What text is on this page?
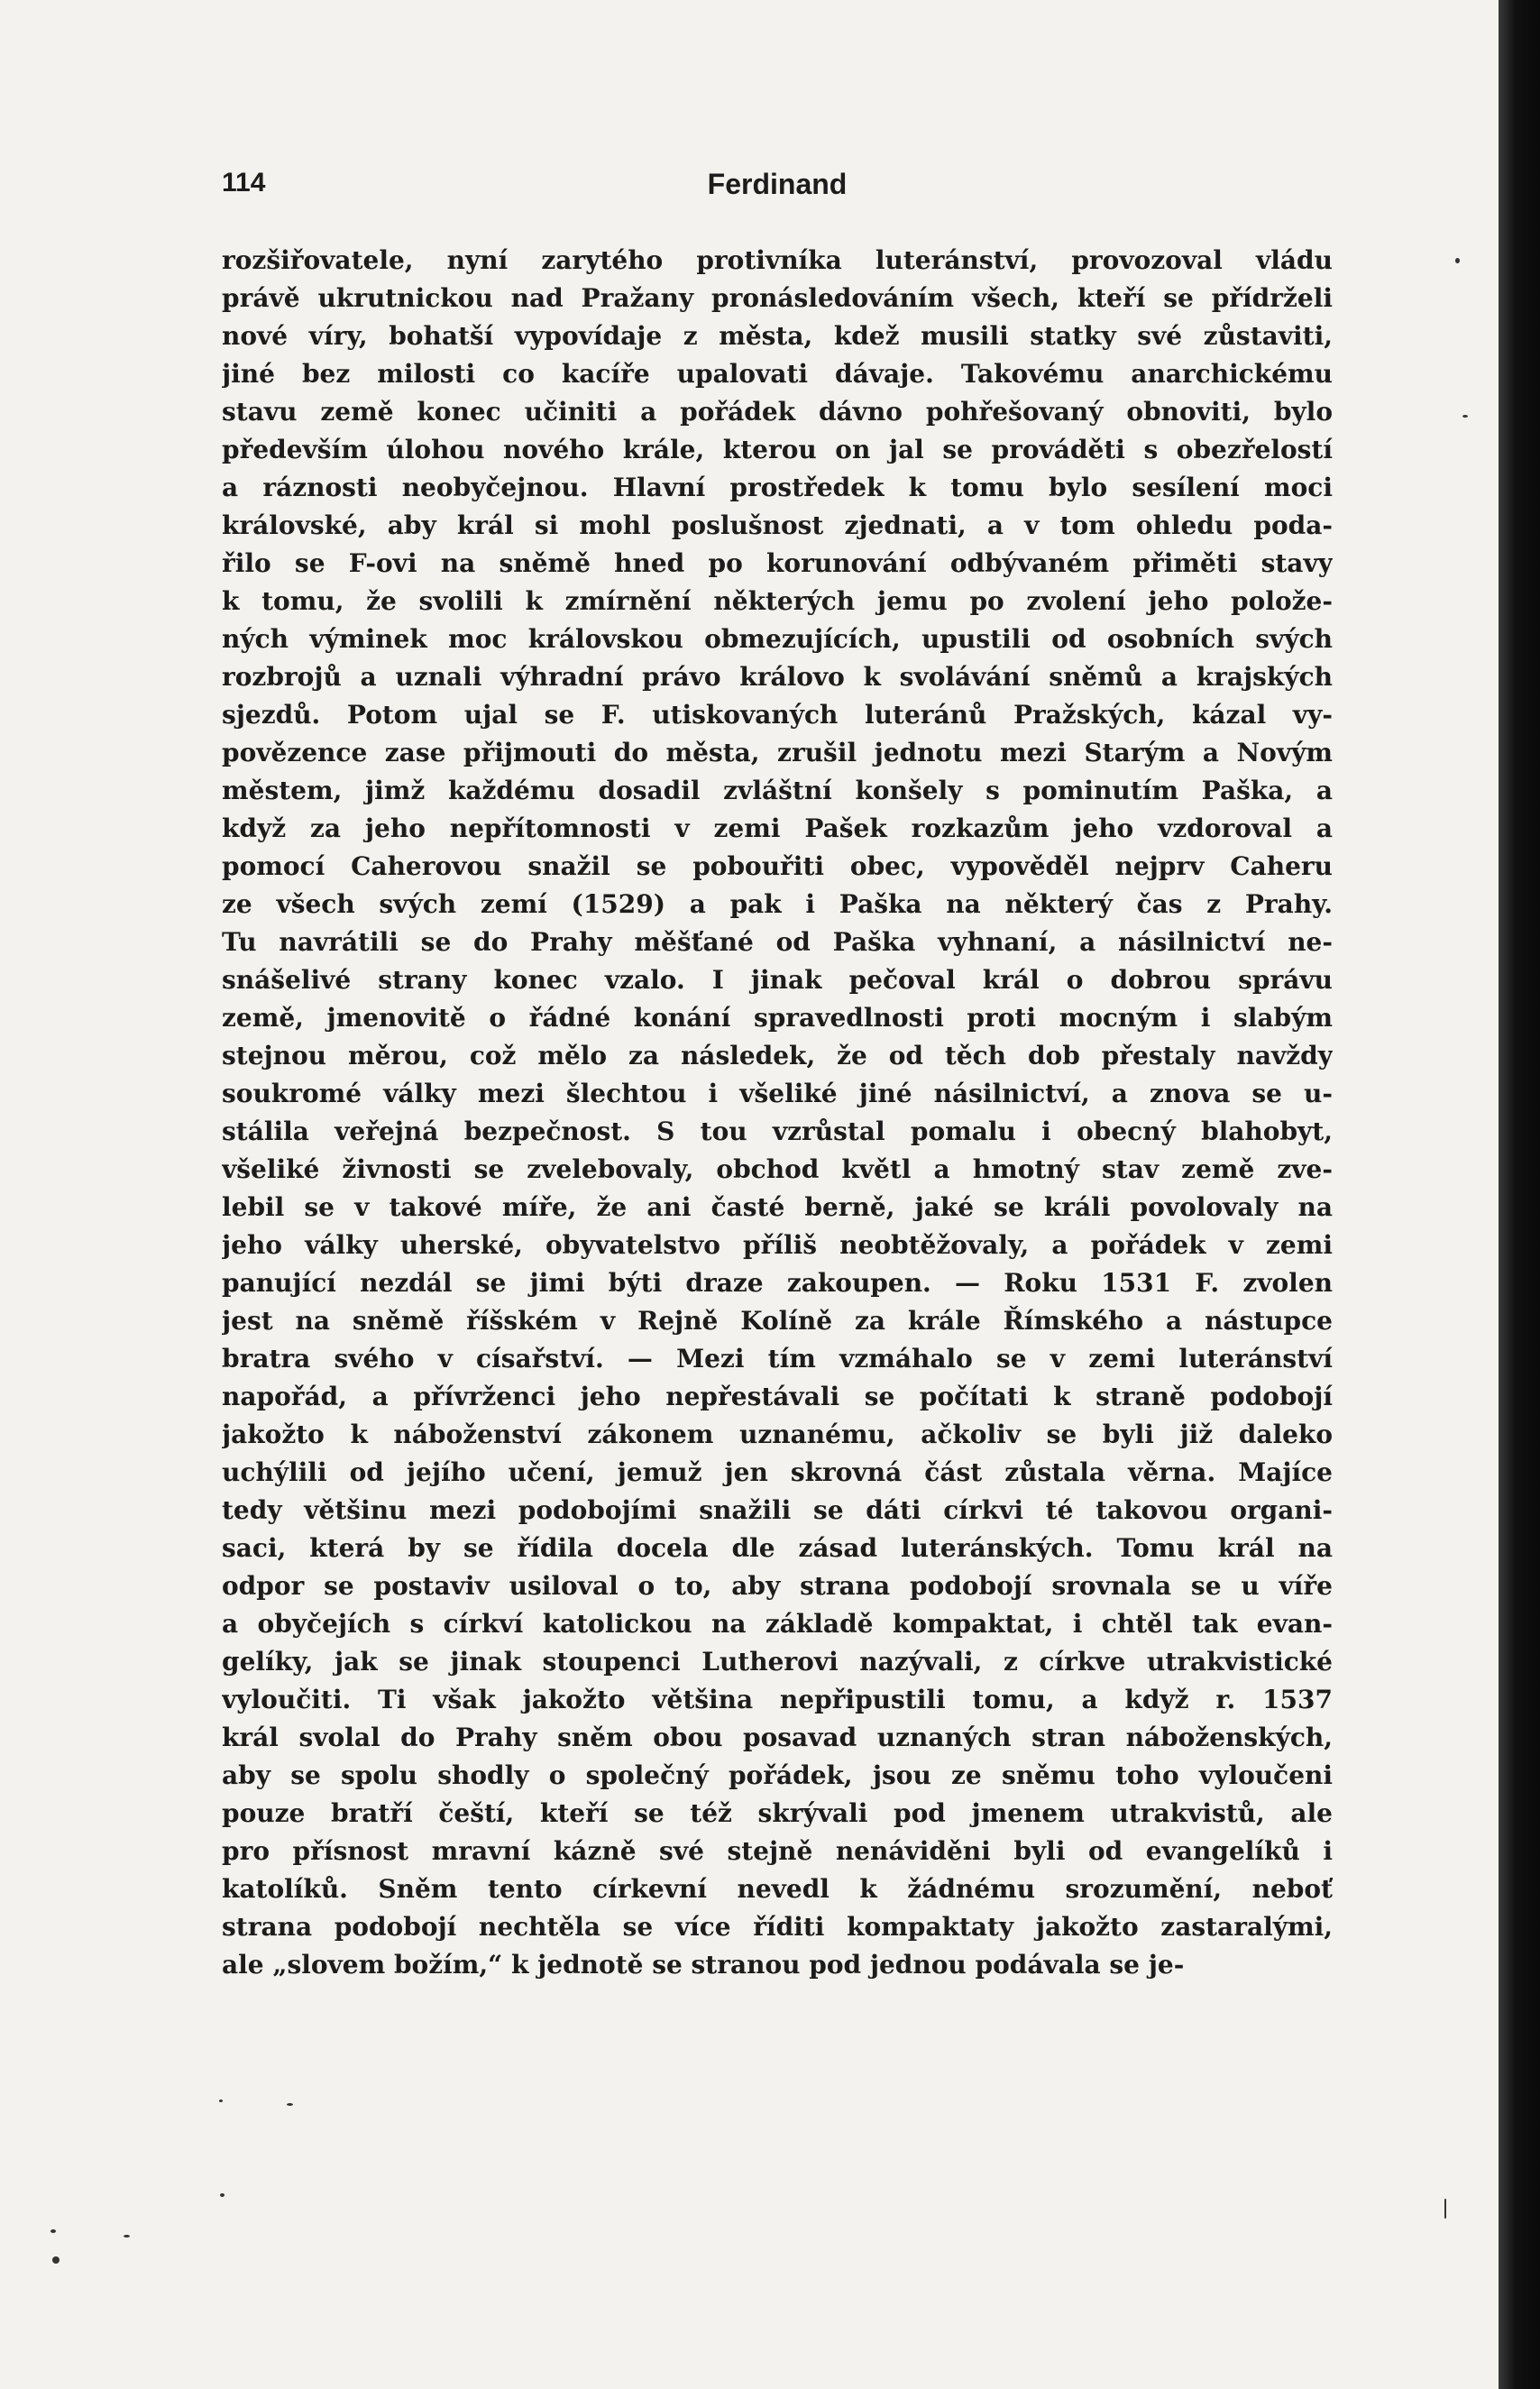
114	Ferdinand
rozšiřovatele, nyní zarytého protivníka luteránství, provozoval vládu
právě ukrutnickou nad Pražany pronásledováním všech, kteří se přídrželi
nové víry, bohatší vypovídaje z města, kdež musili statky své zůstaviti,
jiné bez milosti co kacíře upalovati dávaje. Takovému anarchickému
stavu země konec učiniti a pořádek dávno pohřešovaný obnoviti, bylo
především úlohou nového krále, kterou on jal se prováděti s obezřelostí
a ráznosti neobyčejnou. Hlavní prostředek k tomu bylo sesílení moci
královské, aby král si mohl poslušnost zjednati, a v tom ohledu poda-
řilo se F-ovi na sněmě hned po korunování odbývaném přiměti stavy
k tomu, že svolili k zmírnění některých jemu po zvolení jeho polože-
ných výminek moc královskou obmezujících, upustili od osobních svých
rozbrojů a uznali výhradní právo královo k svolávání sněmů a krajských
sjezdů. Potom ujal se F. utiskovaných luteránů Pražských, kázal vy-
povězence zase přijmouti do města, zrušil jednotu mezi Starým a Novým
městem, jimž každému dosadil zvláštní konšely s pominutím Paška, a
když za jeho nepřítomnosti v zemi Pašek rozkazům jeho vzdoroval a
pomocí Caherovou snažil se pobouřiti obec, vypověděl nejprv Caheru
ze všech svých zemí (1529) a pak i Paška na některý čas z Prahy.
Tu navrátili se do Prahy měšťané od Paška vyhnaní, a násilnictví ne-
snášelivé strany konec vzalo. I jinak pečoval král o dobrou správu
země, jmenovitě o řádné konání spravedlnosti proti mocným i slabým
stejnou měrou, což mělo za následek, že od těch dob přestaly navždy
soukromé války mezi šlechtou i všeliké jiné násilnictví, a znova se u-
stálila veřejná bezpečnost. S tou vzrůstal pomalu i obecný blahobyt,
všeliké živnosti se zvelebovaly, obchod květl a hmotný stav země zve-
lebil se v takové míře, že ani časté berně, jaké se králi povolovaly na
jeho války uherské, obyvatelstvo příliš neobtěžovaly, a pořádek v zemi
panující nezdál se jimi býti draze zakoupen. — Roku 1531 F. zvolen
jest na sněmě říšském v Rejně Kolíně za krále Římského a nástupce
bratra svého v císařství. — Mezi tím vzmáhalo se v zemi luteránství
napořád, a přívrženci jeho nepřestávali se počítati k straně podobojí
jakožto k náboženství zákonem uznanému, ačkoliv se byli již daleko
uchýlili od jejího učení, jemuž jen skrovná část zůstala věrna. Majíce
tedy většinu mezi podobojími snažili se dáti církvi té takovou organi-
saci, která by se řídila docela dle zásad luteránských. Tomu král na
odpor se postaviv usiloval o to, aby strana podobojí srovnala se u víře
a obyčejích s církví katolickou na základě kompaktat, i chtěl tak evan-
gelíky, jak se jinak stoupenci Lutherovi nazývali, z církve utrakvistické
vyloučiti. Ti však jakožto většina nepřipustili tomu, a když r. 1537
král svolal do Prahy sněm obou posavad uznaných stran náboženských,
aby se spolu shodly o společný pořádek, jsou ze sněmu toho vyloučeni
pouze bratří čeští, kteří se též skrývali pod jmenem utrakvistů, ale
pro přísnost mravní kázně své stejně nenáviděni byli od evangelíků i
katolíků. Sněm tento církevní nevedl k žádnému srozumění, neboť
strana podobojí nechtěla se více říditi kompaktaty jakožto zastaralými,
ale „slovem božím,“ k jednotě se stranou pod jednou podávala se je-
